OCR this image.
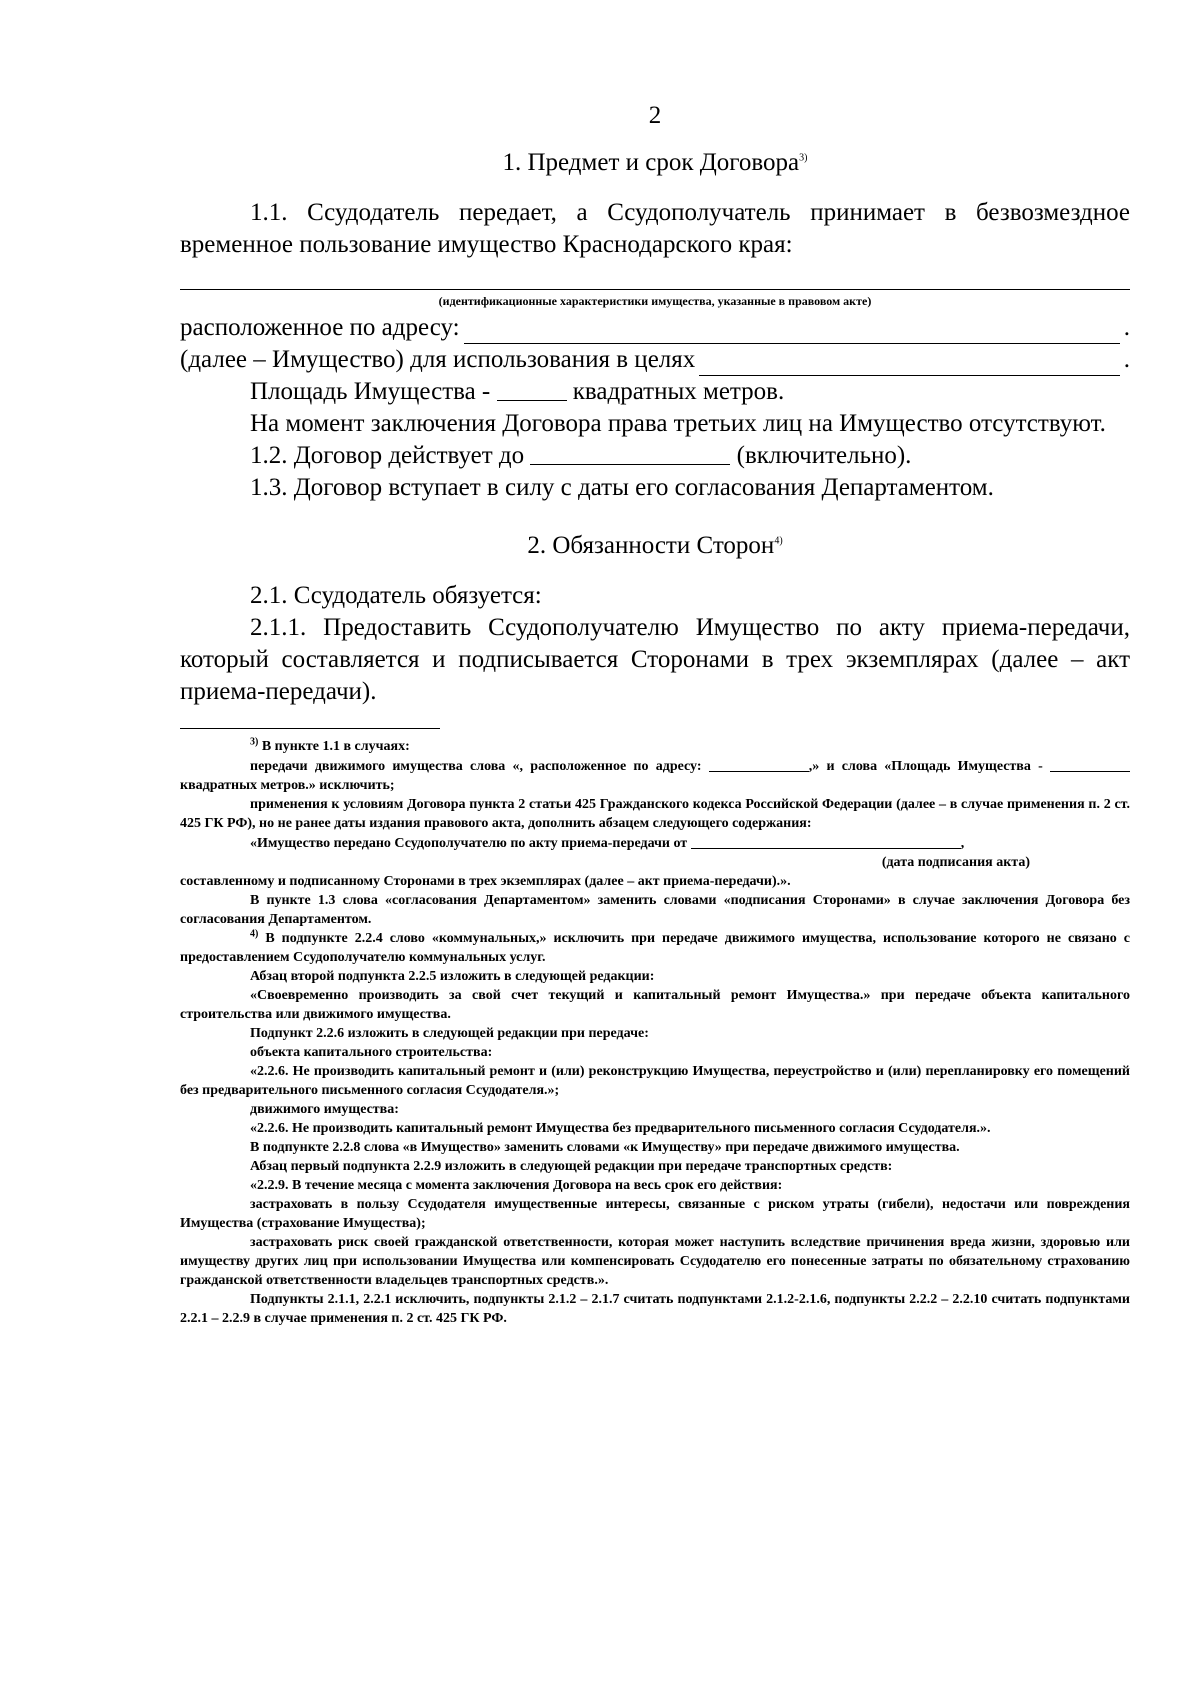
2
1. Предмет и срок Договора$^{3)}$

1.1. Ссудодатель передает, а Ссудополучатель принимает в безвозмездное временное пользование имущество Краснодарского края:

(идентификационные характеристики имущества, указанные в правовом акте)
расположенное по адресу:	.
(далее – Имущество) для использования в целях	.

Площадь Имущества -	квадратных метров.

На момент заключения Договора права третьих лиц на Имущество отсутствуют.

1.2. Договор действует до	(включительно).

1.3. Договор вступает в силу с даты его согласования Департаментом.

2. Обязанности Сторон$^{4)}$

2.1. Ссудодатель обязуется:

2.1.1. Предоставить Ссудополучателю Имущество по акту приема-передачи, который составляется и подписывается Сторонами в трех экземплярах (далее – акт приема-передачи).

$^{3)}$ В пункте 1.1 в случаях:

передачи движимого имущества слова «, расположенное по адресу:	,» и слова «Площадь Имущества -  квадратных метров.» исключить;

применения к условиям Договора пункта 2 статьи 425 Гражданского кодекса Российской Федерации (далее – в случае применения п. 2 ст. 425 ГК РФ), но не ранее даты издания правового акта, дополнить абзацем следующего содержания:

«Имущество передано Ссудополучателю по акту приема-передачи от	,

(дата подписания акта)

составленному и подписанному Сторонами в трех экземплярах (далее – акт приема-передачи).».

В пункте 1.3 слова «согласования Департаментом» заменить словами «подписания Сторонами» в случае заключения Договора без согласования Департаментом.

$^{4)}$ В подпункте 2.2.4 слово «коммунальных,» исключить при передаче движимого имущества, использование которого не связано с предоставлением Ссудополучателю коммунальных услуг.

Абзац второй подпункта 2.2.5 изложить в следующей редакции:

«Своевременно производить за свой счет текущий и капитальный ремонт Имущества.» при передаче объекта капитального строительства или движимого имущества.

Подпункт 2.2.6 изложить в следующей редакции при передаче:

объекта капитального строительства:

«2.2.6. Не производить капитальный ремонт и (или) реконструкцию Имущества, переустройство и (или) перепланировку его помещений без предварительного письменного согласия Ссудодателя.»;

движимого имущества:

«2.2.6. Не производить капитальный ремонт Имущества без предварительного письменного согласия Ссудодателя.».

В подпункте 2.2.8 слова «в Имущество» заменить словами «к Имуществу» при передаче движимого имущества.

Абзац первый подпункта 2.2.9 изложить в следующей редакции при передаче транспортных средств:

«2.2.9. В течение месяца с момента заключения Договора на весь срок его действия:

застраховать в пользу Ссудодателя имущественные интересы, связанные с риском утраты (гибели), недостачи или повреждения Имущества (страхование Имущества);

застраховать риск своей гражданской ответственности, которая может наступить вследствие причинения вреда жизни, здоровью или имуществу других лиц при использовании Имущества или компенсировать Ссудодателю его понесенные затраты по обязательному страхованию гражданской ответственности владельцев транспортных средств.».

Подпункты 2.1.1, 2.2.1 исключить, подпункты 2.1.2 – 2.1.7 считать подпунктами 2.1.2-2.1.6, подпункты 2.2.2 – 2.2.10 считать подпунктами 2.2.1 – 2.2.9 в случае применения п. 2 ст. 425 ГК РФ.
